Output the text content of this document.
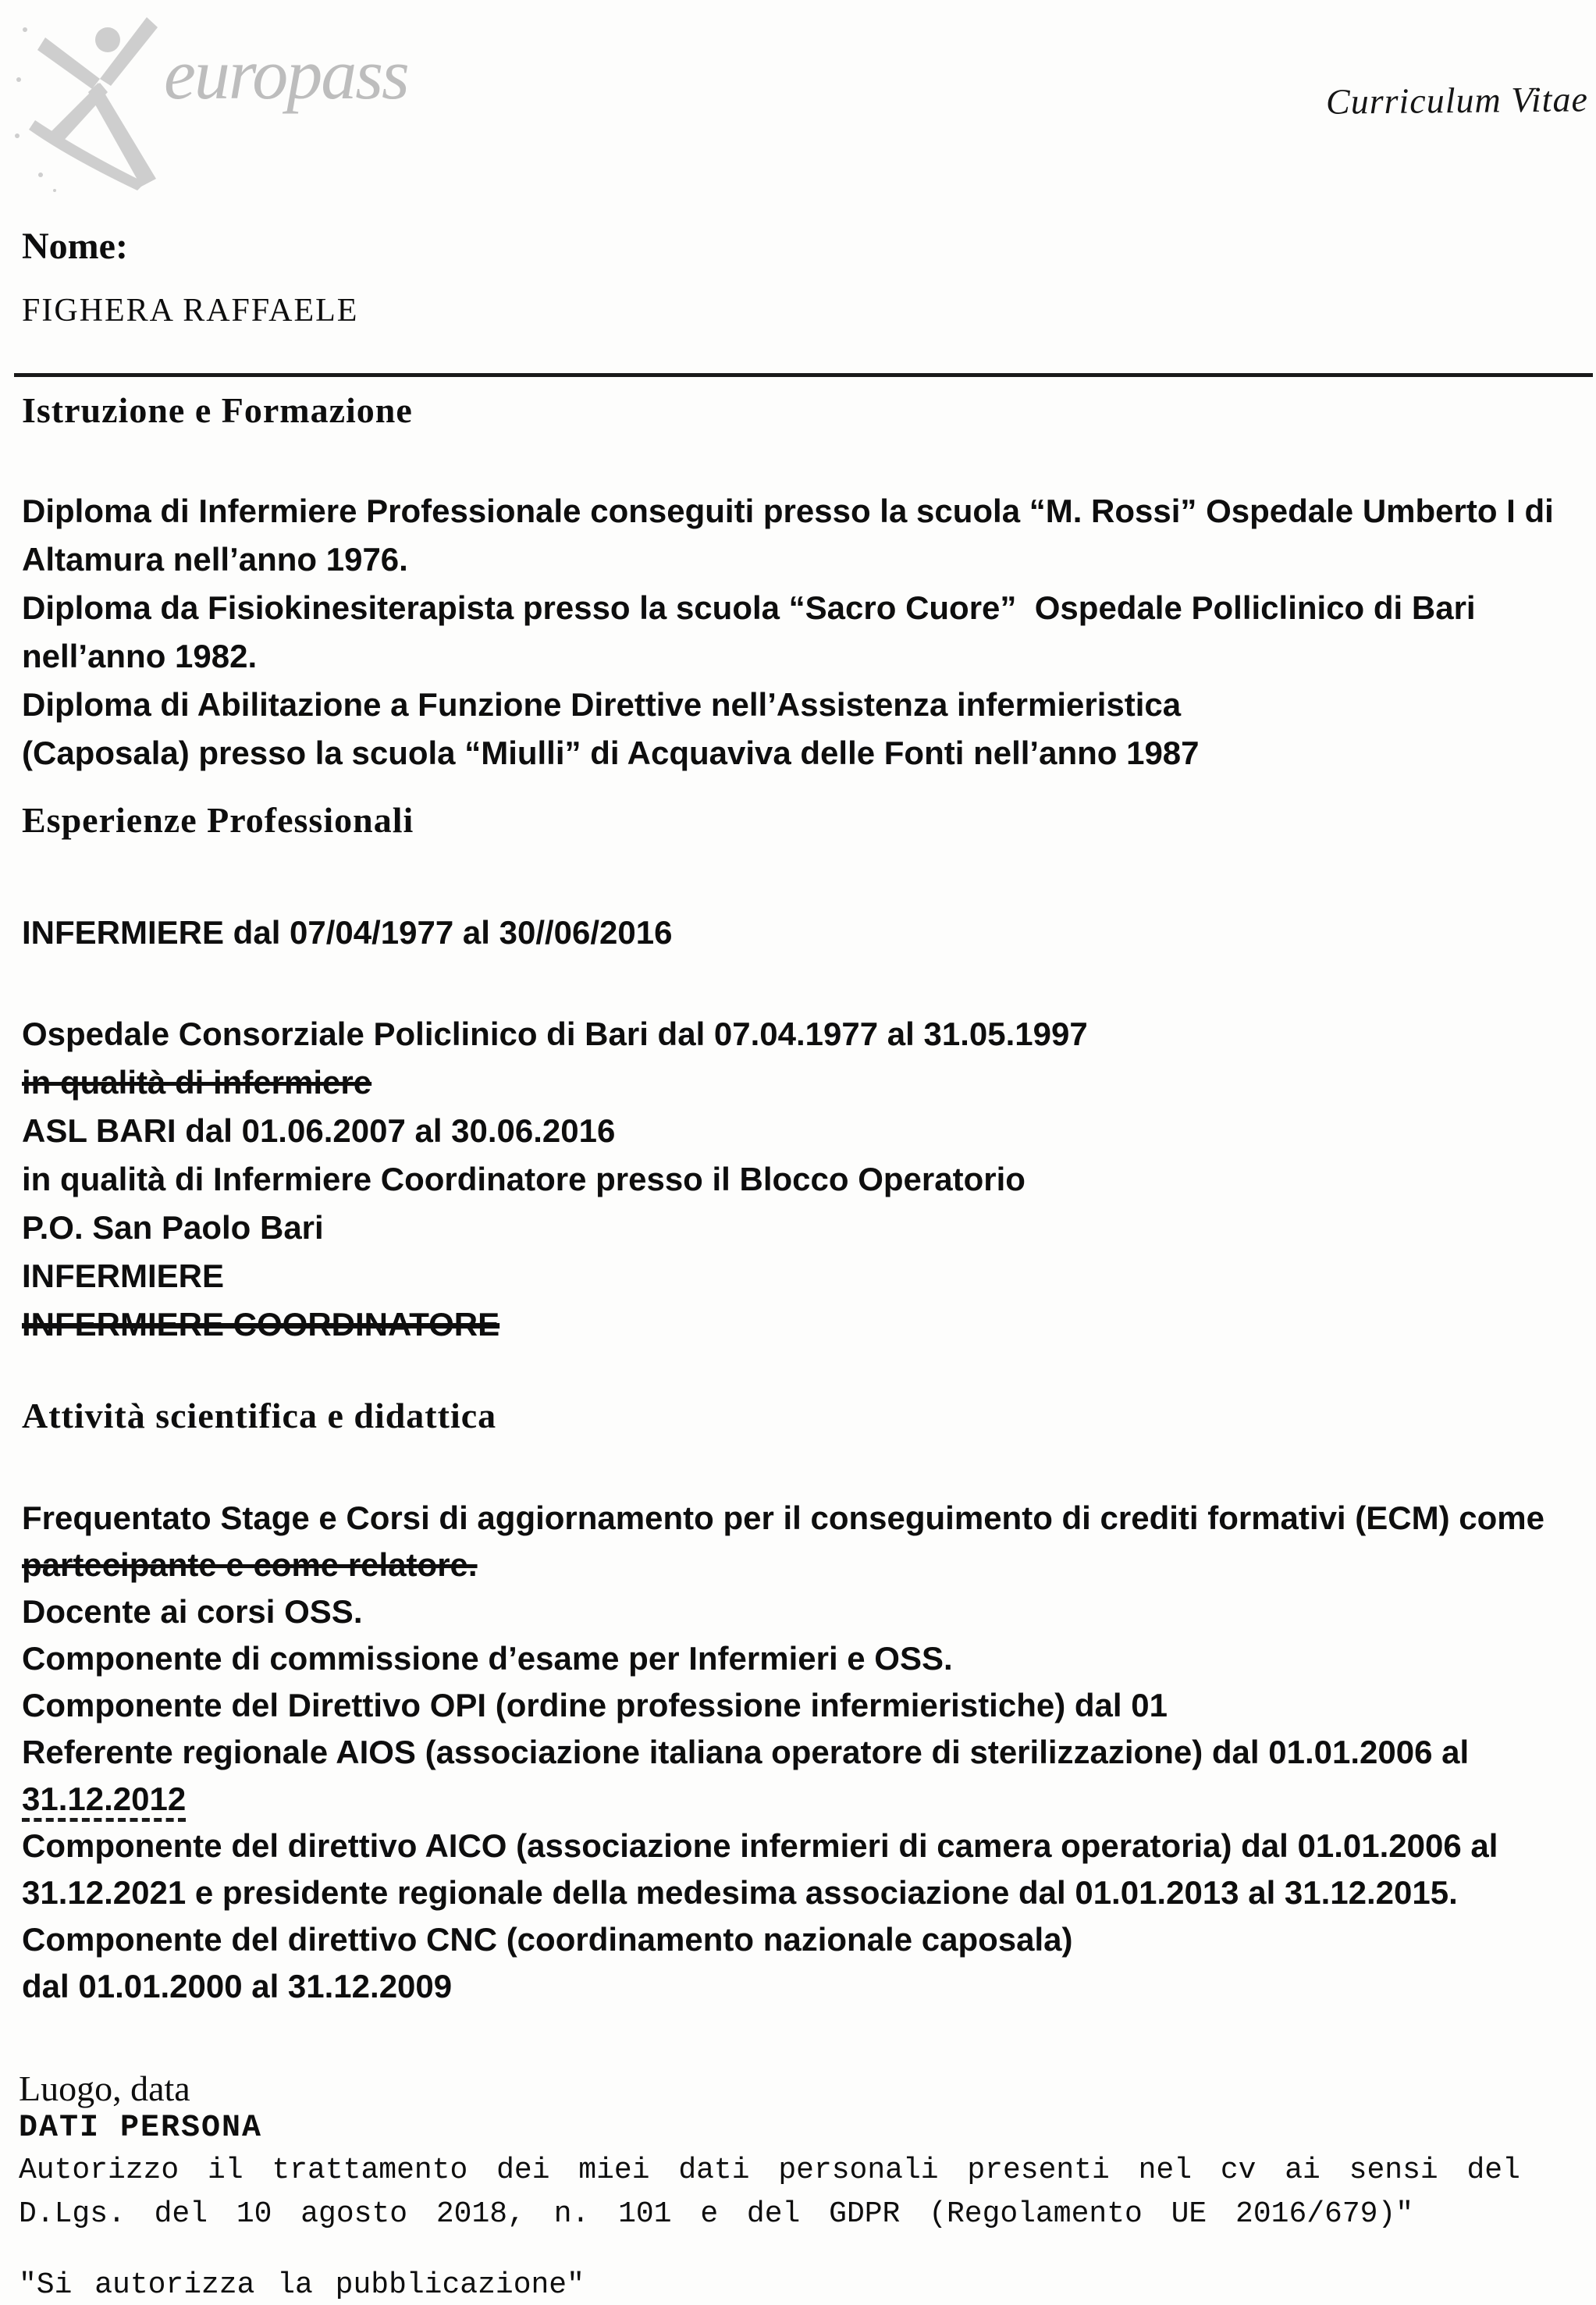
europass	Curriculum Vitae
Nome:
FIGHERA RAFFAELE
Istruzione e Formazione
Diploma di Infermiere Professionale conseguiti presso la scuola “M. Rossi” Ospedale Umberto I di
Altamura nell’anno 1976.
Diploma da Fisiokinesiterapista presso la scuola “Sacro Cuore”  Ospedale Polliclinico di Bari
nell’anno 1982.
Diploma di Abilitazione a Funzione Direttive nell’Assistenza infermieristica
(Caposala) presso la scuola “Miulli” di Acquaviva delle Fonti nell’anno 1987
Esperienze Professionali
INFERMIERE dal 07/04/1977 al 30//06/2016
Ospedale Consorziale Policlinico di Bari dal 07.04.1977 al 31.05.1997
in qualità di infermiere
ASL BARI dal 01.06.2007 al 30.06.2016
in qualità di Infermiere Coordinatore presso il Blocco Operatorio
P.O. San Paolo Bari
INFERMIERE
INFERMIERE COORDINATORE
Attività scientifica e didattica
Frequentato Stage e Corsi di aggiornamento per il conseguimento di crediti formativi (ECM) come
partecipante e come relatore.
Docente ai corsi OSS.
Componente di commissione d’esame per Infermieri e OSS.
Componente del Direttivo OPI (ordine professione infermieristiche) dal 01
Referente regionale AIOS (associazione italiana operatore di sterilizzazione) dal 01.01.2006 al
31.12.2012
Componente del direttivo AICO (associazione infermieri di camera operatoria) dal 01.01.2006 al
31.12.2021 e presidente regionale della medesima associazione dal 01.01.2013 al 31.12.2015.
Componente del direttivo CNC (coordinamento nazionale caposala)
dal 01.01.2000 al 31.12.2009
Luogo, data
DATI PERSONA
Autorizzo il trattamento dei miei dati personali presenti nel cv ai sensi del
D.Lgs. del 10 agosto 2018, n. 101 e del GDPR (Regolamento UE 2016/679)"
"Si autorizza la pubblicazione"
